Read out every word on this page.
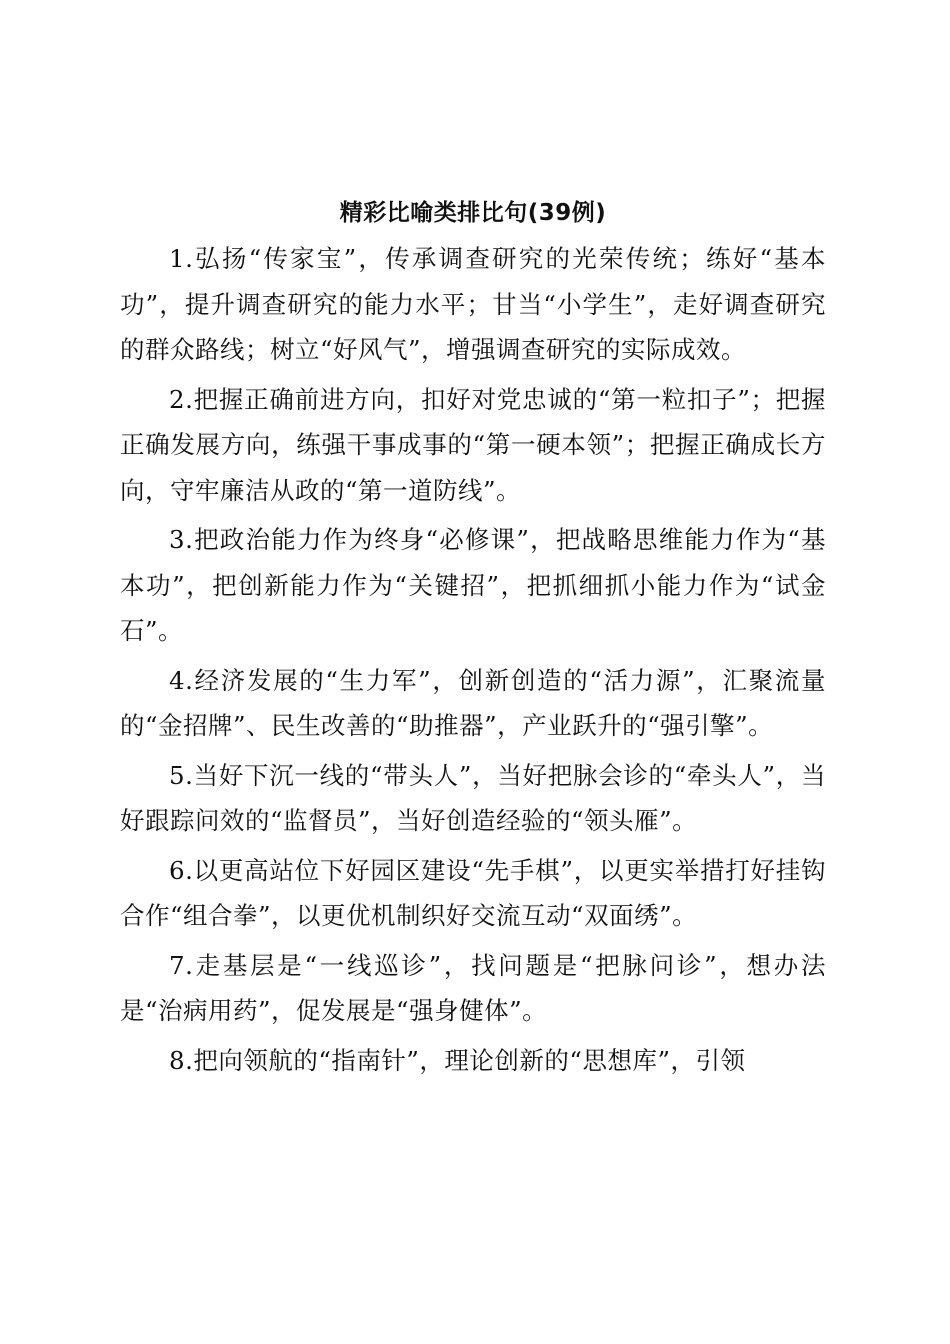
精彩比喻类排比句(39例)

1.弘扬“传家宝”，传承调查研究的光荣传统；练好“基本功”，提升调查研究的能力水平；甘当“小学生”，走好调查研究的群众路线；树立“好风气”，增强调查研究的实际成效。

2.把握正确前进方向，扣好对党忠诚的“第一粒扣子”；把握正确发展方向，练强干事成事的“第一硬本领”；把握正确成长方向，守牢廉洁从政的“第一道防线”。

3.把政治能力作为终身“必修课”，把战略思维能力作为“基本功”，把创新能力作为“关键招”，把抓细抓小能力作为“试金石”。

4.经济发展的“生力军”，创新创造的“活力源”，汇聚流量的“金招牌”、民生改善的“助推器”，产业跃升的“强引擎”。

5.当好下沉一线的“带头人”，当好把脉会诊的“牵头人”，当好跟踪问效的“监督员”，当好创造经验的“领头雁”。

6.以更高站位下好园区建设“先手棋”，以更实举措打好挂钩合作“组合拳”，以更优机制织好交流互动“双面绣”。

7.走基层是“一线巡诊”，找问题是“把脉问诊”，想办法是“治病用药”，促发展是“强身健体”。

8.把向领航的“指南针”，理论创新的“思想库”，引领
